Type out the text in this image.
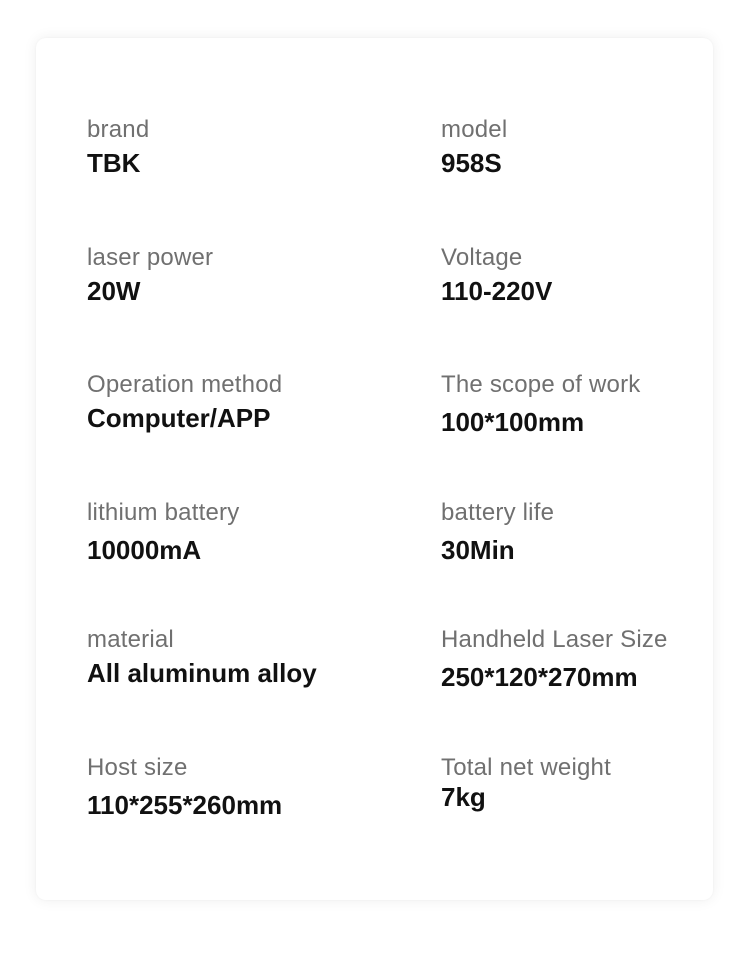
brand
TBK
model
958S
laser power
20W
Voltage
110-220V
Operation method
Computer/APP
The scope of work
100*100mm
lithium battery
10000mA
battery life
30Min
material
All aluminum alloy
Handheld Laser Size
250*120*270mm
Host size
110*255*260mm
Total net weight
7kg
